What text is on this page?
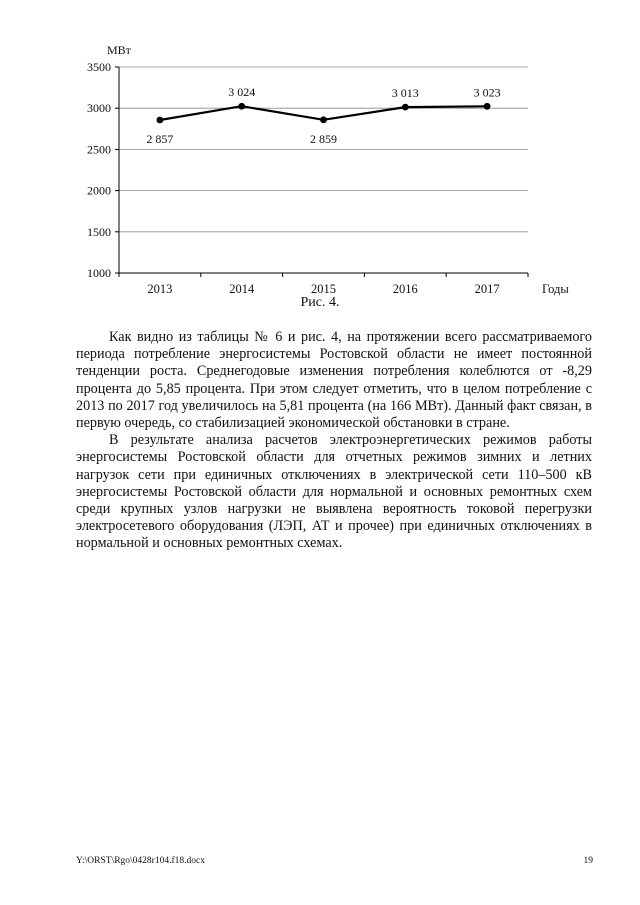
1000
1500
2000
2500
3000
3500
2013	2014	2015	2016	2017
2 857
3 024
2 859
3 013	3 023
МВт
Годы
Рис. 4.

Как видно из таблицы № 6 и рис. 4, на протяжении всего рассматриваемого периода потребление энергосистемы Ростовской области не имеет постоянной тенденции роста. Среднегодовые изменения потребления колеблются от -8,29 процента до 5,85 процента. При этом следует отметить, что в целом потребление с 2013 по 2017 год увеличилось на 5,81 процента (на 166 МВт). Данный факт связан, в первую очередь, со стабилизацией экономической обстановки в стране.

В результате анализа расчетов электроэнергетических режимов работы энергосистемы Ростовской области для отчетных режимов зимних и летних нагрузок сети при единичных отключениях в электрической сети 110–500 кВ энергосистемы Ростовской области для нормальной и основных ремонтных схем среди крупных узлов нагрузки не выявлена вероятность токовой перегрузки электросетевого оборудования (ЛЭП, АТ и прочее) при единичных отключениях в нормальной и основных ремонтных схемах.

Y:\ORST\Rgo\0428r104.f18.docx	19
